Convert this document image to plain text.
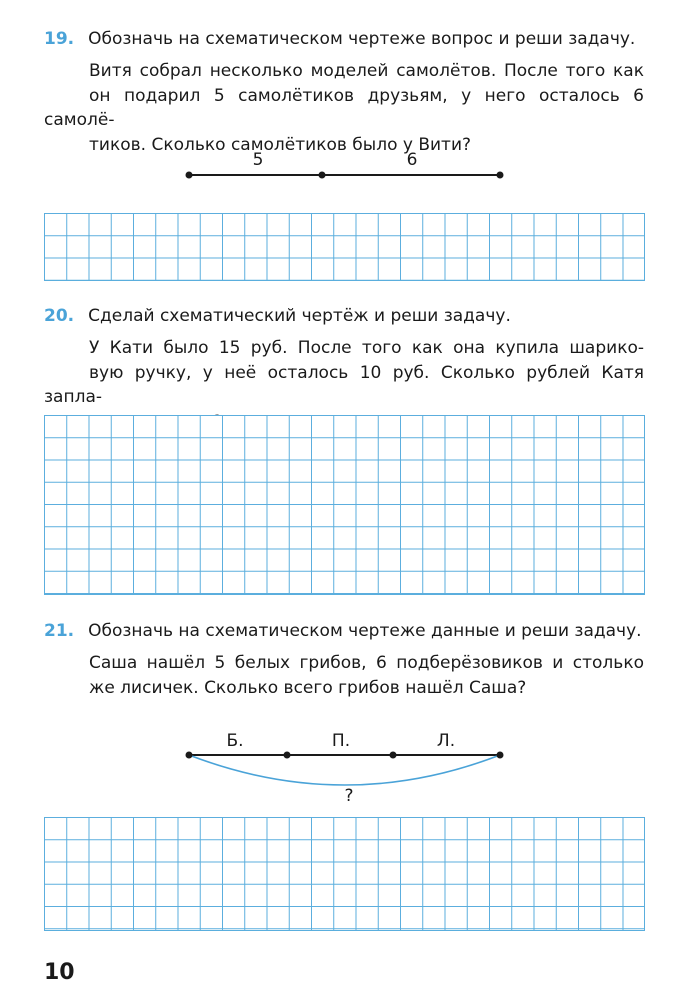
19. Обозначь на схематическом чертеже вопрос и реши задачу.

Витя собрал несколько моделей самолётов. После того как
он подарил 5 самолётиков друзьям, у него осталось 6 самолё-
тиков. Сколько самолётиков было у Вити?

5	6
20. Сделай схематический чертёж и реши задачу.

У Кати было 15 руб. После того как она купила шарико-
вую ручку, у неё осталось 10 руб. Сколько рублей Катя запла-

21. Обозначь на схематическом чертеже данные и реши задачу.

Саша нашёл 5 белых грибов, 6 подберёзовиков и столько
же лисичек. Сколько всего грибов нашёл Саша?

Б.	П.	Л.
?
10
